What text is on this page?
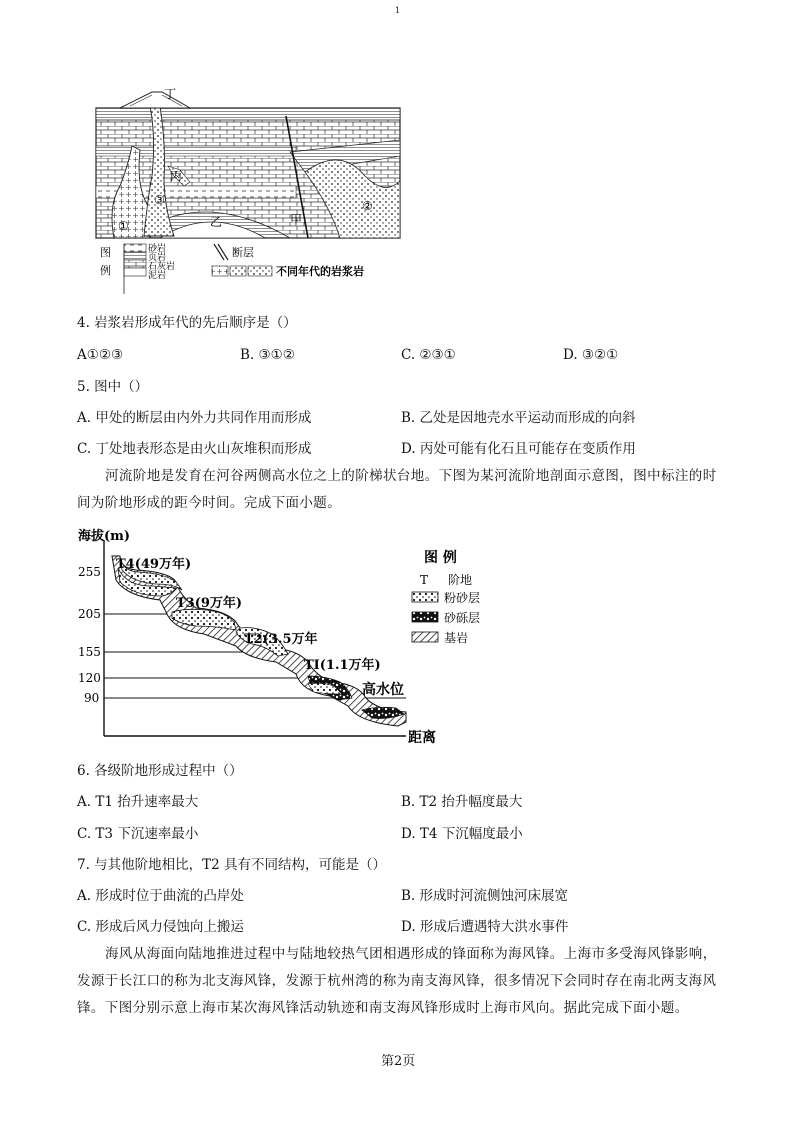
1
丁
丙
乙	甲
①
②
③
图
例
砂岩
页岩
石灰岩
泥岩
断层
不同年代的岩浆岩
4. 岩浆岩形成年代的先后顺序是（）
A①②③	B. ③①②	C. ②③①	D. ③②①
5. 图中（）
A. 甲处的断层由内外力共同作用而形成	B. 乙处是因地壳水平运动而形成的向斜
C. 丁处地表形态是由火山灰堆积而形成	D. 丙处可能有化石且可能存在变质作用
河流阶地是发育在河谷两侧高水位之上的阶梯状台地。下图为某河流阶地剖面示意图，图中标注的时
间为阶地形成的距今时间。完成下面小题。
海拔(m)
距离
255
205
155
120
90
T4(49万年)
T3(9万年)
T2(3.5万年
TI(1.1万年)
高水位
图 例
T 阶地
粉砂层
砂砾层
基岩
6. 各级阶地形成过程中（）
A. T1 抬升速率最大	B. T2 抬升幅度最大
C. T3 下沉速率最小	D. T4 下沉幅度最小
7. 与其他阶地相比，T2 具有不同结构，可能是（）
A. 形成时位于曲流的凸岸处	B. 形成时河流侧蚀河床展宽
C. 形成后风力侵蚀向上搬运	D. 形成后遭遇特大洪水事件
海风从海面向陆地推进过程中与陆地较热气团相遇形成的锋面称为海风锋。上海市多受海风锋影响，
发源于长江口的称为北支海风锋，发源于杭州湾的称为南支海风锋，很多情况下会同时存在南北两支海风
锋。下图分别示意上海市某次海风锋活动轨迹和南支海风锋形成时上海市风向。据此完成下面小题。
第2页
